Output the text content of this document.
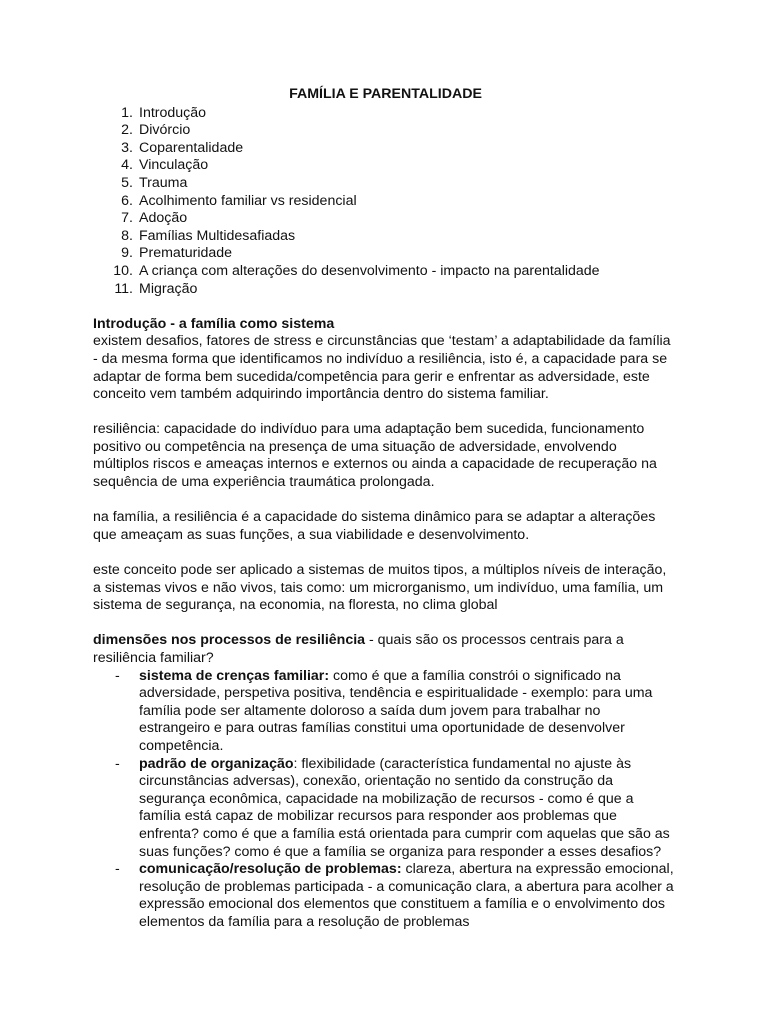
FAMÍLIA E PARENTALIDADE
1. Introdução
2. Divórcio
3. Coparentalidade
4. Vinculação
5. Trauma
6. Acolhimento familiar vs residencial
7. Adoção
8. Famílias Multidesafiadas
9. Prematuridade
10. A criança com alterações do desenvolvimento - impacto na parentalidade
11. Migração
Introdução - a família como sistema
existem desafios, fatores de stress e circunstâncias que ‘testam’ a adaptabilidade da família
- da mesma forma que identificamos no indivíduo a resiliência, isto é, a capacidade para se
adaptar de forma bem sucedida/competência para gerir e enfrentar as adversidade, este
conceito vem também adquirindo importância dentro do sistema familiar.
resiliência: capacidade do indivíduo para uma adaptação bem sucedida, funcionamento
positivo ou competência na presença de uma situação de adversidade, envolvendo
múltiplos riscos e ameaças internos e externos ou ainda a capacidade de recuperação na
sequência de uma experiência traumática prolongada.
na família, a resiliência é a capacidade do sistema dinâmico para se adaptar a alterações
que ameaçam as suas funções, a sua viabilidade e desenvolvimento.
este conceito pode ser aplicado a sistemas de muitos tipos, a múltiplos níveis de interação,
a sistemas vivos e não vivos, tais como: um microrganismo, um indivíduo, uma família, um
sistema de segurança, na economia, na floresta, no clima global
dimensões nos processos de resiliência - quais são os processos centrais para a
resiliência familiar?
- sistema de crenças familiar: como é que a família constrói o significado na
adversidade, perspetiva positiva, tendência e espiritualidade - exemplo: para uma
família pode ser altamente doloroso a saída dum jovem para trabalhar no
estrangeiro e para outras famílias constitui uma oportunidade de desenvolver
competência.
- padrão de organização: flexibilidade (característica fundamental no ajuste às
circunstâncias adversas), conexão, orientação no sentido da construção da
segurança econômica, capacidade na mobilização de recursos - como é que a
família está capaz de mobilizar recursos para responder aos problemas que
enfrenta? como é que a família está orientada para cumprir com aquelas que são as
suas funções? como é que a família se organiza para responder a esses desafios?
- comunicação/resolução de problemas: clareza, abertura na expressão emocional,
resolução de problemas participada - a comunicação clara, a abertura para acolher a
expressão emocional dos elementos que constituem a família e o envolvimento dos
elementos da família para a resolução de problemas
